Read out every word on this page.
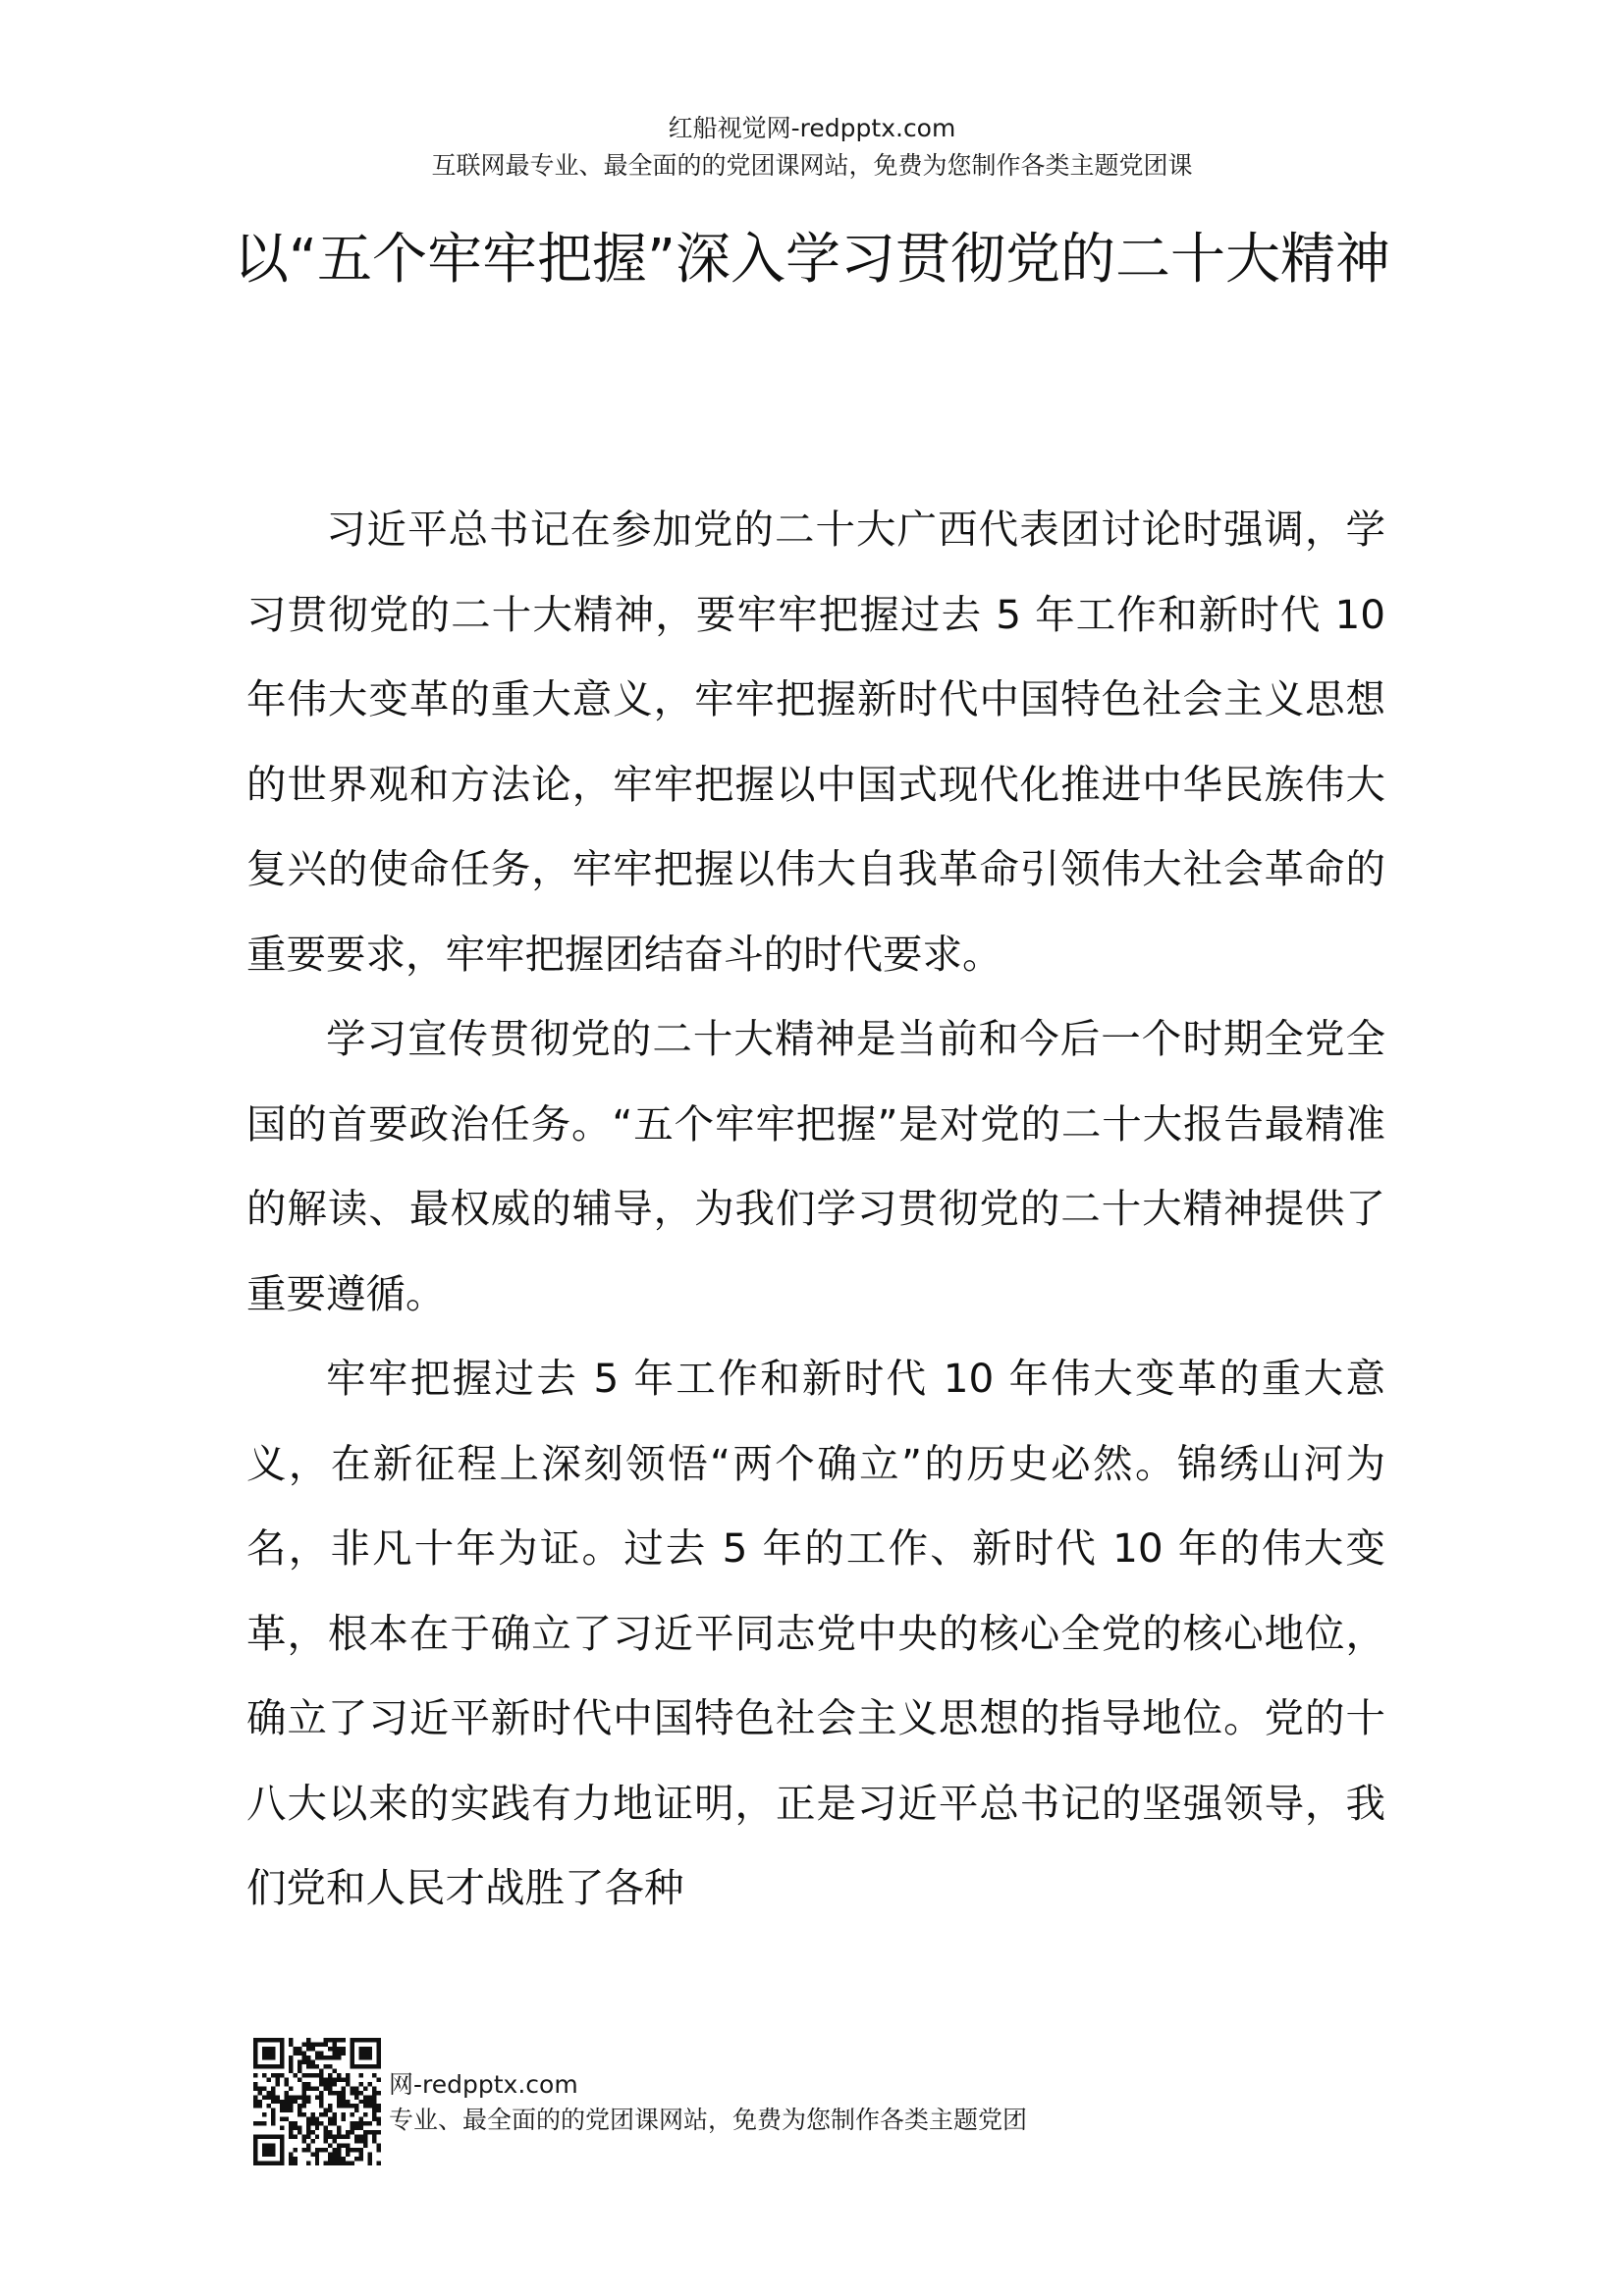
红船视觉网-redpptx.com
互联网最专业、最全面的的党团课网站，免费为您制作各类主题党团课
以“五个牢牢把握”深入学习贯彻党的二十大精神

习近平总书记在参加党的二十大广西代表团讨论时强调，学习贯彻党的二十大精神，要牢牢把握过去 5 年工作和新时代 10 年伟大变革的重大意义，牢牢把握新时代中国特色社会主义思想的世界观和方法论，牢牢把握以中国式现代化推进中华民族伟大复兴的使命任务，牢牢把握以伟大自我革命引领伟大社会革命的重要要求，牢牢把握团结奋斗的时代要求。

学习宣传贯彻党的二十大精神是当前和今后一个时期全党全国的首要政治任务。“五个牢牢把握”是对党的二十大报告最精准的解读、最权威的辅导，为我们学习贯彻党的二十大精神提供了重要遵循。

牢牢把握过去 5 年工作和新时代 10 年伟大变革的重大意义，在新征程上深刻领悟“两个确立”的历史必然。锦绣山河为名，非凡十年为证。过去 5 年的工作、新时代 10 年的伟大变革，根本在于确立了习近平同志党中央的核心全党的核心地位，确立了习近平新时代中国特色社会主义思想的指导地位。党的十八大以来的实践有力地证明，正是习近平总书记的坚强领导，我们党和人民才战胜了各种

网-redpptx.com
专业、最全面的的党团课网站，免费为您制作各类主题党团
